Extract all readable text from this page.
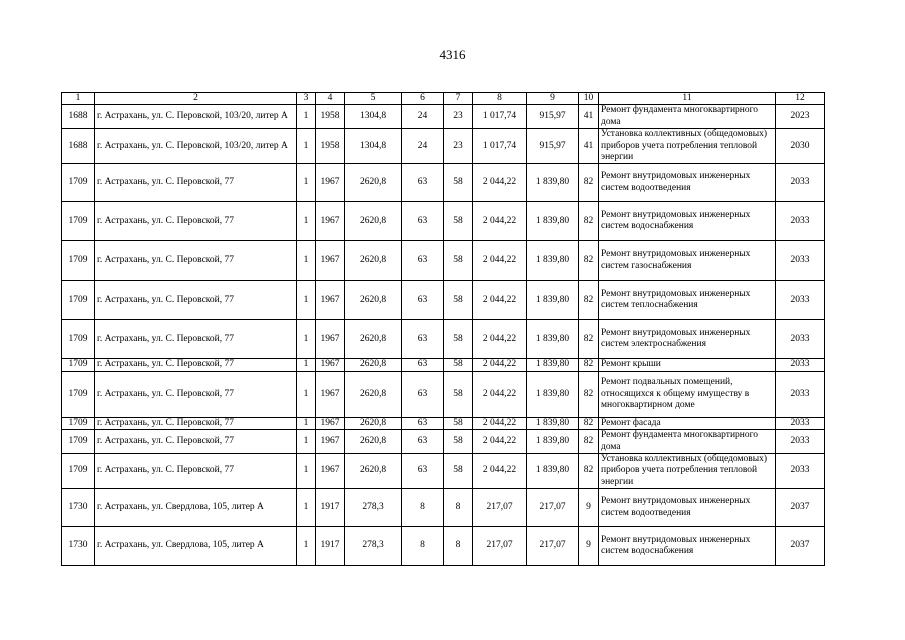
4316
1	2	3	4	5	6	7	8	9	10	11	12
1688	г. Астрахань, ул. С. Перовской, 103/20, литер А	1	1958	1304,8	24	23	1 017,74	915,97	41	Ремонт фундамента многоквартирного дома	2023
1688	г. Астрахань, ул. С. Перовской, 103/20, литер А	1	1958	1304,8	24	23	1 017,74	915,97	41	Установка коллективных (общедомовых) приборов учета потребления тепловой энергии	2030
1709	г. Астрахань, ул. С. Перовской, 77	1	1967	2620,8	63	58	2 044,22	1 839,80	82	Ремонт внутридомовых инженерных систем водоотведения	2033
1709	г. Астрахань, ул. С. Перовской, 77	1	1967	2620,8	63	58	2 044,22	1 839,80	82	Ремонт внутридомовых инженерных систем водоснабжения	2033
1709	г. Астрахань, ул. С. Перовской, 77	1	1967	2620,8	63	58	2 044,22	1 839,80	82	Ремонт внутридомовых инженерных систем газоснабжения	2033
1709	г. Астрахань, ул. С. Перовской, 77	1	1967	2620,8	63	58	2 044,22	1 839,80	82	Ремонт внутридомовых инженерных систем теплоснабжения	2033
1709	г. Астрахань, ул. С. Перовской, 77	1	1967	2620,8	63	58	2 044,22	1 839,80	82	Ремонт внутридомовых инженерных систем электроснабжения	2033
1709	г. Астрахань, ул. С. Перовской, 77	1	1967	2620,8	63	58	2 044,22	1 839,80	82	Ремонт крыши	2033
1709	г. Астрахань, ул. С. Перовской, 77	1	1967	2620,8	63	58	2 044,22	1 839,80	82	Ремонт подвальных помещений, относящихся к общему имуществу в многоквартирном доме	2033
1709	г. Астрахань, ул. С. Перовской, 77	1	1967	2620,8	63	58	2 044,22	1 839,80	82	Ремонт фасада	2033
1709	г. Астрахань, ул. С. Перовской, 77	1	1967	2620,8	63	58	2 044,22	1 839,80	82	Ремонт фундамента многоквартирного дома	2033
1709	г. Астрахань, ул. С. Перовской, 77	1	1967	2620,8	63	58	2 044,22	1 839,80	82	Установка коллективных (общедомовых) приборов учета потребления тепловой энергии	2033
1730	г. Астрахань, ул. Свердлова, 105, литер А	1	1917	278,3	8	8	217,07	217,07	9	Ремонт внутридомовых инженерных систем водоотведения	2037
1730	г. Астрахань, ул. Свердлова, 105, литер А	1	1917	278,3	8	8	217,07	217,07	9	Ремонт внутридомовых инженерных систем водоснабжения	2037
